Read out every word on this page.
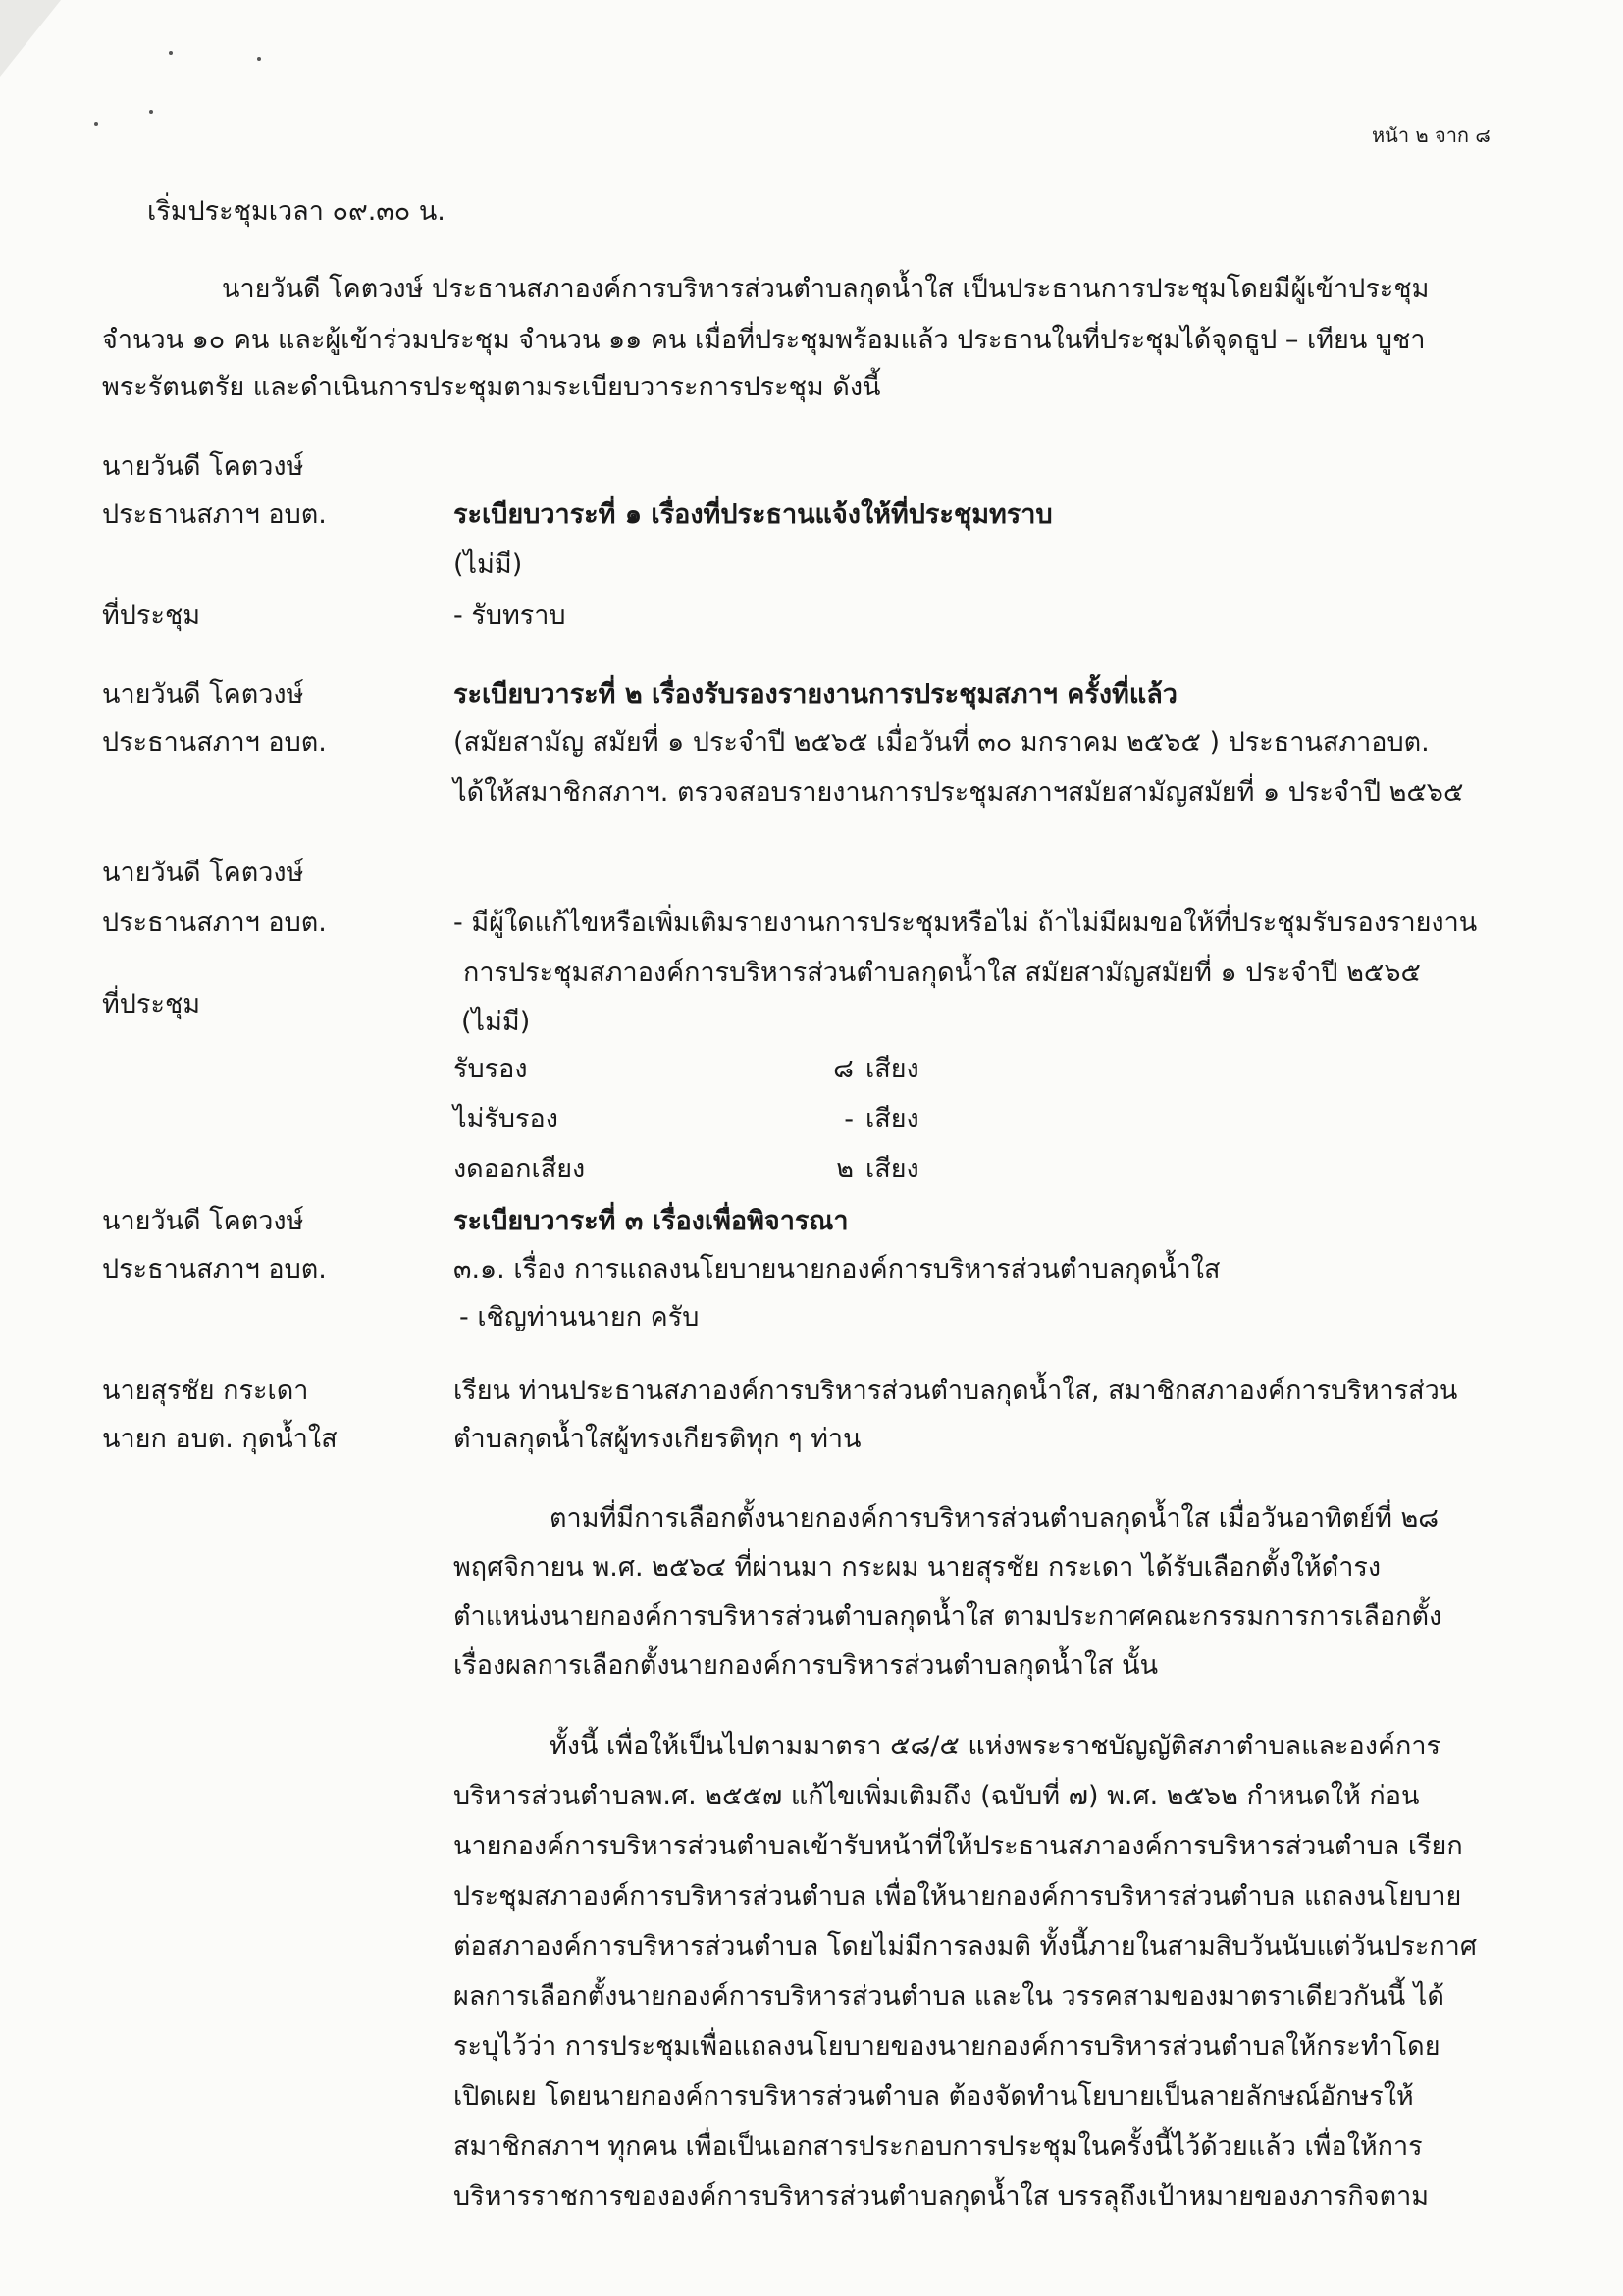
หน้า ๒ จาก ๘
เริ่มประชุมเวลา ๐๙.๓๐ น.
นายวันดี โคตวงษ์ ประธานสภาองค์การบริหารส่วนตำบลกุดน้ำใส เป็นประธานการประชุมโดยมีผู้เข้าประชุม
จำนวน ๑๐ คน และผู้เข้าร่วมประชุม จำนวน ๑๑ คน เมื่อที่ประชุมพร้อมแล้ว ประธานในที่ประชุมได้จุดธูป – เทียน บูชา
พระรัตนตรัย และดำเนินการประชุมตามระเบียบวาระการประชุม ดังนี้
นายวันดี โคตวงษ์
ประธานสภาฯ อบต.	ระเบียบวาระที่ ๑ เรื่องที่ประธานแจ้งให้ที่ประชุมทราบ
(ไม่มี)
ที่ประชุม	- รับทราบ
นายวันดี โคตวงษ์	ระเบียบวาระที่ ๒ เรื่องรับรองรายงานการประชุมสภาฯ ครั้งที่แล้ว
ประธานสภาฯ อบต.	(สมัยสามัญ สมัยที่ ๑ ประจำปี ๒๕๖๕ เมื่อวันที่ ๓๐ มกราคม ๒๕๖๕ ) ประธานสภาอบต.
ได้ให้สมาชิกสภาฯ. ตรวจสอบรายงานการประชุมสภาฯสมัยสามัญสมัยที่ ๑ ประจำปี ๒๕๖๕
นายวันดี โคตวงษ์
ประธานสภาฯ อบต.	- มีผู้ใดแก้ไขหรือเพิ่มเติมรายงานการประชุมหรือไม่ ถ้าไม่มีผมขอให้ที่ประชุมรับรองรายงาน
การประชุมสภาองค์การบริหารส่วนตำบลกุดน้ำใส สมัยสามัญสมัยที่ ๑ ประจำปี ๒๕๖๕
ที่ประชุม
(ไม่มี)
รับรอง	๘ เสียง
ไม่รับรอง	- เสียง
งดออกเสียง	๒ เสียง
นายวันดี โคตวงษ์	ระเบียบวาระที่ ๓ เรื่องเพื่อพิจารณา
ประธานสภาฯ อบต.	๓.๑. เรื่อง การแถลงนโยบายนายกองค์การบริหารส่วนตำบลกุดน้ำใส
- เชิญท่านนายก ครับ
นายสุรชัย กระเดา	เรียน ท่านประธานสภาองค์การบริหารส่วนตำบลกุดน้ำใส, สมาชิกสภาองค์การบริหารส่วน
นายก อบต. กุดน้ำใส	ตำบลกุดน้ำใสผู้ทรงเกียรติทุก ๆ ท่าน
ตามที่มีการเลือกตั้งนายกองค์การบริหารส่วนตำบลกุดน้ำใส เมื่อวันอาทิตย์ที่ ๒๘
พฤศจิกายน พ.ศ. ๒๕๖๔ ที่ผ่านมา กระผม นายสุรชัย กระเดา ได้รับเลือกตั้งให้ดำรง
ตำแหน่งนายกองค์การบริหารส่วนตำบลกุดน้ำใส ตามประกาศคณะกรรมการการเลือกตั้ง
เรื่องผลการเลือกตั้งนายกองค์การบริหารส่วนตำบลกุดน้ำใส นั้น
ทั้งนี้ เพื่อให้เป็นไปตามมาตรา ๕๘/๕ แห่งพระราชบัญญัติสภาตำบลและองค์การ
บริหารส่วนตำบลพ.ศ. ๒๕๕๗ แก้ไขเพิ่มเติมถึง (ฉบับที่ ๗) พ.ศ. ๒๕๖๒ กำหนดให้ ก่อน
นายกองค์การบริหารส่วนตำบลเข้ารับหน้าที่ให้ประธานสภาองค์การบริหารส่วนตำบล เรียก
ประชุมสภาองค์การบริหารส่วนตำบล เพื่อให้นายกองค์การบริหารส่วนตำบล แถลงนโยบาย
ต่อสภาองค์การบริหารส่วนตำบล โดยไม่มีการลงมติ ทั้งนี้ภายในสามสิบวันนับแต่วันประกาศ
ผลการเลือกตั้งนายกองค์การบริหารส่วนตำบล และใน วรรคสามของมาตราเดียวกันนี้ ได้
ระบุไว้ว่า การประชุมเพื่อแถลงนโยบายของนายกองค์การบริหารส่วนตำบลให้กระทำโดย
เปิดเผย โดยนายกองค์การบริหารส่วนตำบล ต้องจัดทำนโยบายเป็นลายลักษณ์อักษรให้
สมาชิกสภาฯ ทุกคน เพื่อเป็นเอกสารประกอบการประชุมในครั้งนี้ไว้ด้วยแล้ว เพื่อให้การ
บริหารราชการขององค์การบริหารส่วนตำบลกุดน้ำใส บรรลุถึงเป้าหมายของภารกิจตาม
